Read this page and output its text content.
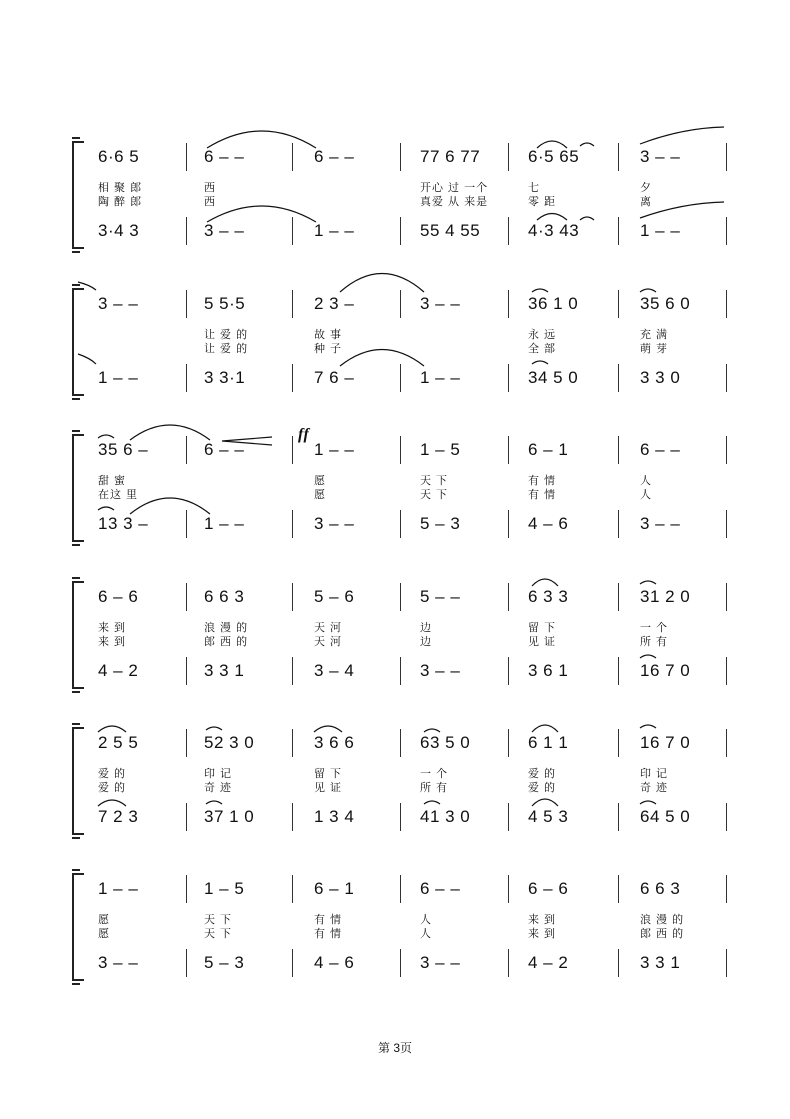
6·6 5
相 聚 郎
陶 醉 郎
3·4 3
6 – –
西
西
3 – –
6 – –
1 – –
77 6 77
开心 过 一个
真爱 从 来是
55 4 55
6·5 65
七
零 距
4·3 43
3 – –
夕
离
1 – –
3 – –
1 – –
5 5·5
让 爱 的
让 爱 的
3 3·1
2 3 –
故 事
种 子
7 6 –
3 – –
1 – –
36 1 0
永 远
全 部
34 5 0
35 6 0
充 满
萌 芽
3 3 0
35 6 –
甜 蜜
在这 里
13 3 –
6 – –
1 – –
1 – –
愿
愿
3 – –
1 – 5
天 下
天 下
5 – 3
6 – 1
有 情
有 情
4 – 6
6 – –
人
人
3 – –
6 – 6
来 到
来 到
4 – 2
6 6 3
浪 漫 的
郎 西 的
3 3 1
5 – 6
天 河
天 河
3 – 4
5 – –
边
边
3 – –
6 3 3
留 下
见 证
3 6 1
31 2 0
一 个
所 有
16 7 0
2 5 5
爱 的
爱 的
7 2 3
52 3 0
印 记
奇 迹
37 1 0
3 6 6
留 下
见 证
1 3 4
63 5 0
一 个
所 有
41 3 0
6 1 1
爱 的
爱 的
4 5 3
16 7 0
印 记
奇 迹
64 5 0
1 – –
愿
愿
3 – –
1 – 5
天 下
天 下
5 – 3
6 – 1
有 情
有 情
4 – 6
6 – –
人
人
3 – –
6 – 6
来 到
来 到
4 – 2
6 6 3
浪 漫 的
郎 西 的
3 3 1
ff
第 3页
